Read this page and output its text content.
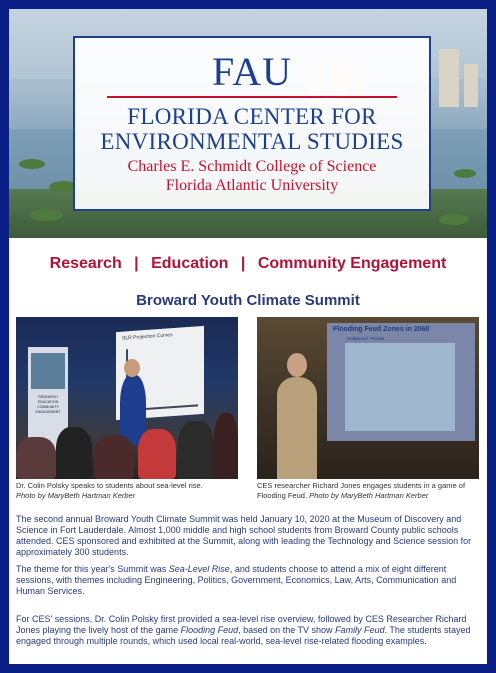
FAU
FLORIDA CENTER FOR
ENVIRONMENTAL STUDIES
Charles E. Schmidt College of Science
Florida Atlantic University
Research | Education | Community Engagement
Broward Youth Climate Summit
RESEARCH EDUCATION COMMUNITY ENGAGEMENT
SLR Projection Curves
Flooding Feud Zones in 2060
Hollywood, Florida
Dr. Colin Polsky speaks to students about sea-level rise.
Photo by MaryBeth Hartman Kerber
CES researcher Richard Jones engages students in a game of Flooding Feud. Photo by MaryBeth Hartman Kerber

The second annual Broward Youth Climate Summit was held January 10, 2020 at the Museum of Discovery and Science in Fort Lauderdale. Almost 1,000 middle and high school students from Broward County public schools attended. CES sponsored and exhibited at the Summit, along with leading the Technology and Science session for approximately 300 students.

The theme for this year's Summit was Sea-Level Rise, and students choose to attend a mix of eight different sessions, with themes including Engineering, Politics, Government, Economics, Law, Arts, Communication and Human Services.

For CES' sessions, Dr. Colin Polsky first provided a sea-level rise overview, followed by CES Researcher Richard Jones playing the lively host of the game Flooding Feud, based on the TV show Family Feud. The students stayed engaged through multiple rounds, which used local real-world, sea-level rise-related flooding examples.
